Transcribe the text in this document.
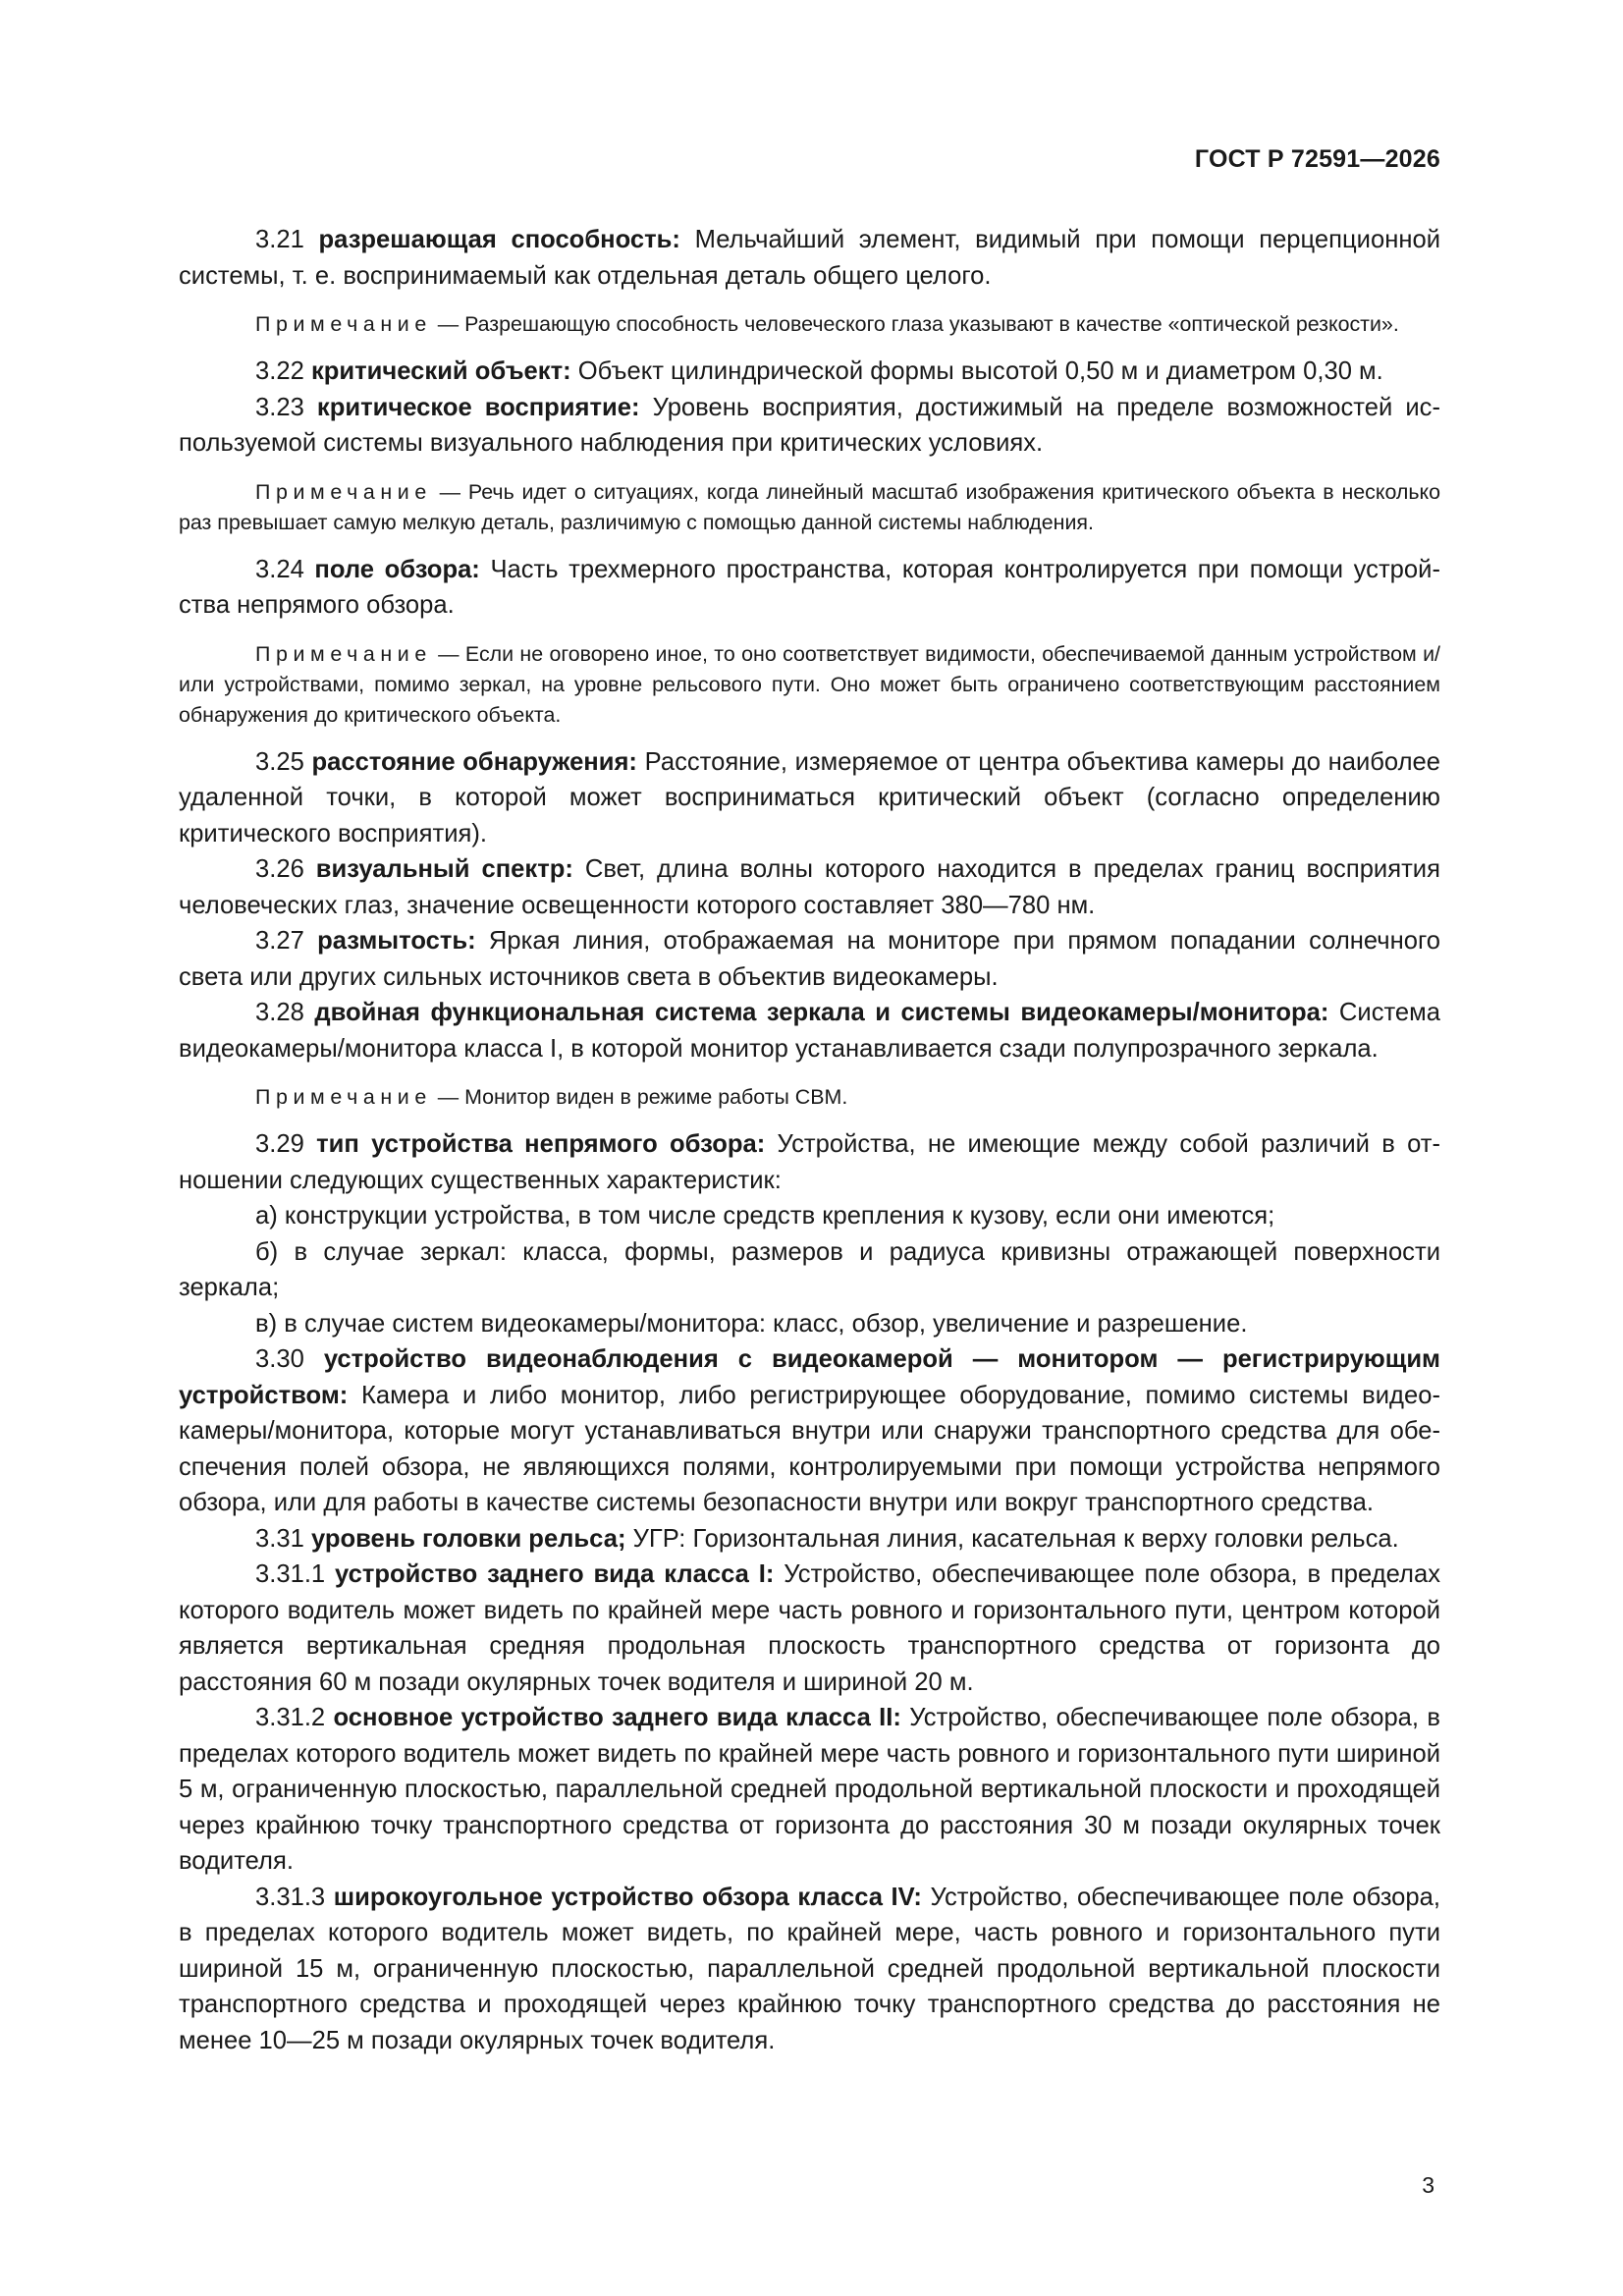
ГОСТ Р 72591—2026

3.21 разрешающая способность: Мельчайший элемент, видимый при помощи перцепционной системы, т. е. воспринимаемый как отдельная деталь общего целого.

Примечание — Разрешающую способность человеческого глаза указывают в качестве «оптической резкости».

3.22 критический объект: Объект цилиндрической формы высотой 0,50 м и диаметром 0,30 м.

3.23 критическое восприятие: Уровень восприятия, достижимый на пределе возможностей используемой системы визуального наблюдения при критических условиях.

Примечание — Речь идет о ситуациях, когда линейный масштаб изображения критического объекта в несколько раз превышает самую мелкую деталь, различимую с помощью данной системы наблюдения.

3.24 поле обзора: Часть трехмерного пространства, которая контролируется при помощи устройства непрямого обзора.

Примечание — Если не оговорено иное, то оно соответствует видимости, обеспечиваемой данным устройством и/или устройствами, помимо зеркал, на уровне рельсового пути. Оно может быть ограничено соответствующим расстоянием обнаружения до критического объекта.

3.25 расстояние обнаружения: Расстояние, измеряемое от центра объектива камеры до наиболее удаленной точки, в которой может восприниматься критический объект (согласно определению критического восприятия).

3.26 визуальный спектр: Свет, длина волны которого находится в пределах границ восприятия человеческих глаз, значение освещенности которого составляет 380—780 нм.

3.27 размытость: Яркая линия, отображаемая на мониторе при прямом попадании солнечного света или других сильных источников света в объектив видеокамеры.

3.28 двойная функциональная система зеркала и системы видеокамеры/монитора: Система видеокамеры/монитора класса I, в которой монитор устанавливается сзади полупрозрачного зеркала.

Примечание — Монитор виден в режиме работы СВМ.

3.29 тип устройства непрямого обзора: Устройства, не имеющие между собой различий в отношении следующих существенных характеристик:

а) конструкции устройства, в том числе средств крепления к кузову, если они имеются;

б) в случае зеркал: класса, формы, размеров и радиуса кривизны отражающей поверхности зеркала;

в) в случае систем видеокамеры/монитора: класс, обзор, увеличение и разрешение.

3.30 устройство видеонаблюдения с видеокамерой — монитором — регистрирующим устройством: Камера и либо монитор, либо регистрирующее оборудование, помимо системы видеокамеры/монитора, которые могут устанавливаться внутри или снаружи транспортного средства для обеспечения полей обзора, не являющихся полями, контролируемыми при помощи устройства непрямого обзора, или для работы в качестве системы безопасности внутри или вокруг транспортного средства.

3.31 уровень головки рельса; УГР: Горизонтальная линия, касательная к верху головки рельса.

3.31.1 устройство заднего вида класса I: Устройство, обеспечивающее поле обзора, в пределах которого водитель может видеть по крайней мере часть ровного и горизонтального пути, центром которой является вертикальная средняя продольная плоскость транспортного средства от горизонта до расстояния 60 м позади окулярных точек водителя и шириной 20 м.

3.31.2 основное устройство заднего вида класса II: Устройство, обеспечивающее поле обзора, в пределах которого водитель может видеть по крайней мере часть ровного и горизонтального пути шириной 5 м, ограниченную плоскостью, параллельной средней продольной вертикальной плоскости и проходящей через крайнюю точку транспортного средства от горизонта до расстояния 30 м позади окулярных точек водителя.

3.31.3 широкоугольное устройство обзора класса IV: Устройство, обеспечивающее поле обзора, в пределах которого водитель может видеть, по крайней мере, часть ровного и горизонтального пути шириной 15 м, ограниченную плоскостью, параллельной средней продольной вертикальной плоскости транспортного средства и проходящей через крайнюю точку транспортного средства до расстояния не менее 10—25 м позади окулярных точек водителя.

3
